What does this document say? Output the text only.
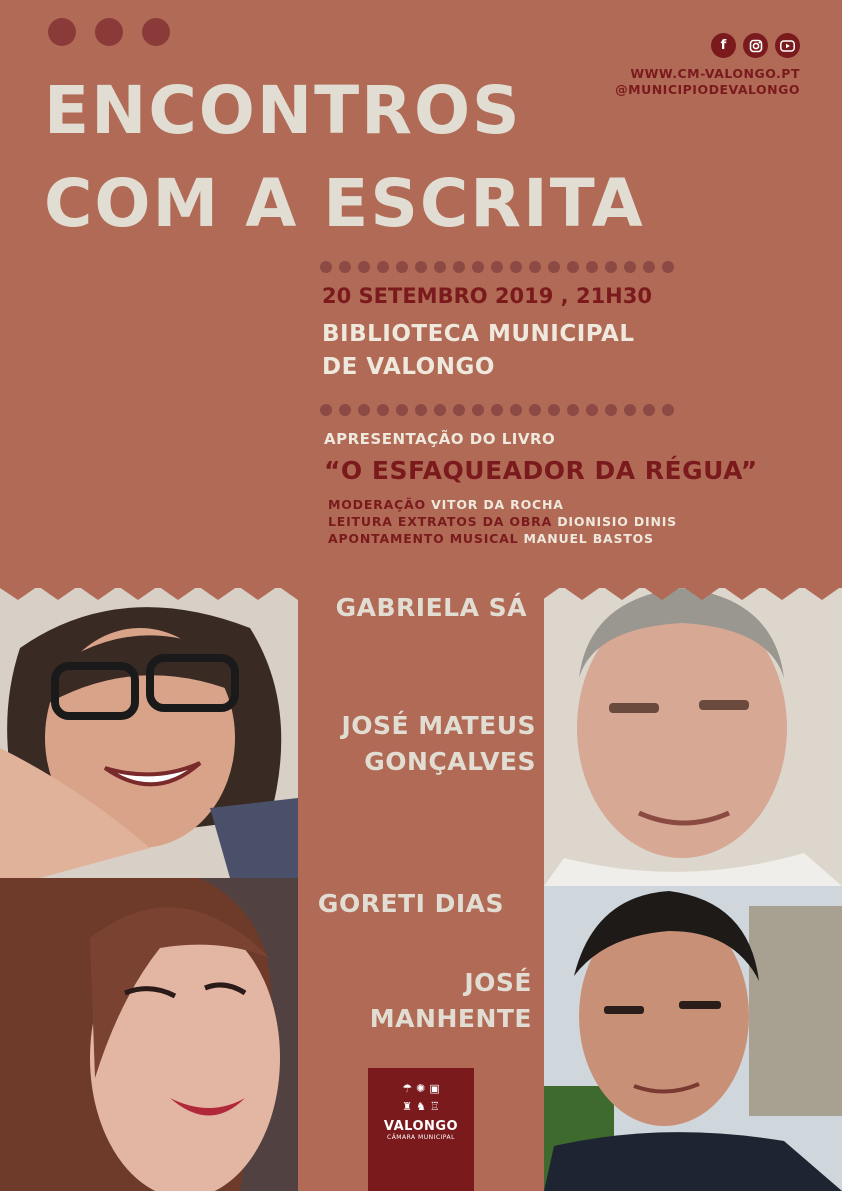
f
WWW.CM-VALONGO.PT
@MUNICIPIODEVALONGO
ENCONTROS
COM A ESCRITA
20 SETEMBRO 2019 , 21H30
BIBLIOTECA MUNICIPAL
DE VALONGO
APRESENTAÇÃO DO LIVRO
“O ESFAQUEADOR DA RÉGUA”
MODERAÇÃO VITOR DA ROCHA
LEITURA EXTRATOS DA OBRA DIONISIO DINIS
APONTAMENTO MUSICAL MANUEL BASTOS
GABRIELA SÁ
JOSÉ MATEUS
GONÇALVES
GORETI DIAS
JOSÉ
MANHENTE
☂ ✺ ▣
♜ ♞ ♖
VALONGO
CÂMARA MUNICIPAL
